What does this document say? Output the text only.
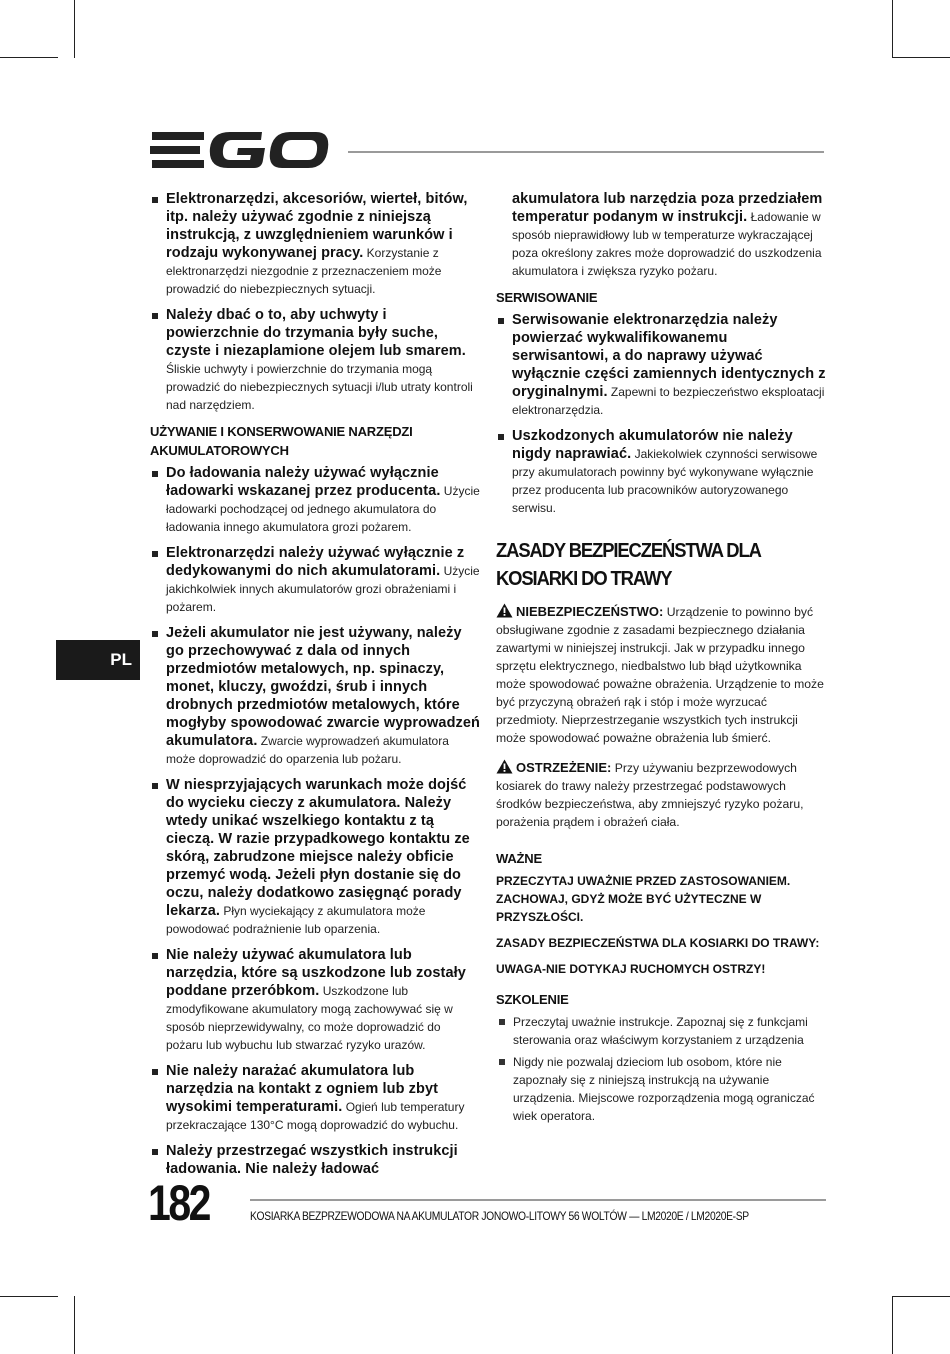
PL
Elektronarzędzi, akcesoriów, wierteł, bitów, itp. należy używać zgodnie z niniejszą instrukcją, z uwzględnieniem warunków i rodzaju wykonywanej pracy. Korzystanie z elektronarzędzi niezgodnie z przeznaczeniem może prowadzić do niebezpiecznych sytuacji.
Należy dbać o to, aby uchwyty i powierzchnie do trzymania były suche, czyste i niezaplamione olejem lub smarem. Śliskie uchwyty i powierzchnie do trzymania mogą prowadzić do niebezpiecznych sytuacji i/lub utraty kontroli nad narzędziem.
UŻYWANIE I KONSERWOWANIE NARZĘDZI AKUMULATOROWYCH
Do ładowania należy używać wyłącznie ładowarki wskazanej przez producenta. Użycie ładowarki pochodzącej od jednego akumulatora do ładowania innego akumulatora grozi pożarem.
Elektronarzędzi należy używać wyłącznie z dedykowanymi do nich akumulatorami. Użycie jakichkolwiek innych akumulatorów grozi obrażeniami i pożarem.
Jeżeli akumulator nie jest używany, należy go przechowywać z dala od innych przedmiotów metalowych, np. spinaczy, monet, kluczy, gwoździ, śrub i innych drobnych przedmiotów metalowych, które mogłyby spowodować zwarcie wyprowadzeń akumulatora. Zwarcie wyprowadzeń akumulatora może doprowadzić do oparzenia lub pożaru.
W niesprzyjających warunkach może dojść do wycieku cieczy z akumulatora. Należy wtedy unikać wszelkiego kontaktu z tą cieczą. W razie przypadkowego kontaktu ze skórą, zabrudzone miejsce należy obficie przemyć wodą. Jeżeli płyn dostanie się do oczu, należy dodatkowo zasięgnąć porady lekarza. Płyn wyciekający z akumulatora może powodować podrażnienie lub oparzenia.
Nie należy używać akumulatora lub narzędzia, które są uszkodzone lub zostały poddane przeróbkom. Uszkodzone lub zmodyfikowane akumulatory mogą zachowywać się w sposób nieprzewidywalny, co może doprowadzić do pożaru lub wybuchu lub stwarzać ryzyko urazów.
Nie należy narażać akumulatora lub narzędzia na kontakt z ogniem lub zbyt wysokimi temperaturami. Ogień lub temperatury przekraczające 130°C mogą doprowadzić do wybuchu.
Należy przestrzegać wszystkich instrukcji ładowania. Nie należy ładować
akumulatora lub narzędzia poza przedziałem temperatur podanym w instrukcji. Ładowanie w sposób nieprawidłowy lub w temperaturze wykraczającej poza określony zakres może doprowadzić do uszkodzenia akumulatora i zwiększa ryzyko pożaru.
SERWISOWANIE
Serwisowanie elektronarzędzia należy powierzać wykwalifikowanemu serwisantowi, a do naprawy używać wyłącznie części zamiennych identycznych z oryginalnymi. Zapewni to bezpieczeństwo eksploatacji elektronarzędzia.
Uszkodzonych akumulatorów nie należy nigdy naprawiać. Jakiekolwiek czynności serwisowe przy akumulatorach powinny być wykonywane wyłącznie przez producenta lub pracowników autoryzowanego serwisu.
ZASADY BEZPIECZEŃSTWA DLA KOSIARKI DO TRAWY
NIEBEZPIECZEŃSTWO: Urządzenie to powinno być obsługiwane zgodnie z zasadami bezpiecznego działania zawartymi w niniejszej instrukcji. Jak w przypadku innego sprzętu elektrycznego, niedbalstwo lub błąd użytkownika może spowodować poważne obrażenia. Urządzenie to może być przyczyną obrażeń rąk i stóp i może wyrzucać przedmioty. Nieprzestrzeganie wszystkich tych instrukcji może spowodować poważne obrażenia lub śmierć.
OSTRZEŻENIE: Przy używaniu bezprzewodowych kosiarek do trawy należy przestrzegać podstawowych środków bezpieczeństwa, aby zmniejszyć ryzyko pożaru, porażenia prądem i obrażeń ciała.
WAŻNE
PRZECZYTAJ UWAŻNIE PRZED ZASTOSOWANIEM. ZACHOWAJ, GDYŻ MOŻE BYĆ UŻYTECZNE W PRZYSZŁOŚCI.
ZASADY BEZPIECZEŃSTWA DLA KOSIARKI DO TRAWY:
UWAGA-NIE DOTYKAJ RUCHOMYCH OSTRZY!
SZKOLENIE
Przeczytaj uważnie instrukcje. Zapoznaj się z funkcjami sterowania oraz właściwym korzystaniem z urządzenia
Nigdy nie pozwalaj dzieciom lub osobom, które nie zapoznały się z niniejszą instrukcją na używanie urządzenia. Miejscowe rozporządzenia mogą ograniczać wiek operatora.
182	KOSIARKA BEZPRZEWODOWA NA AKUMULATOR JONOWO-LITOWY 56 WOLTÓW — LM2020E / LM2020E-SP
